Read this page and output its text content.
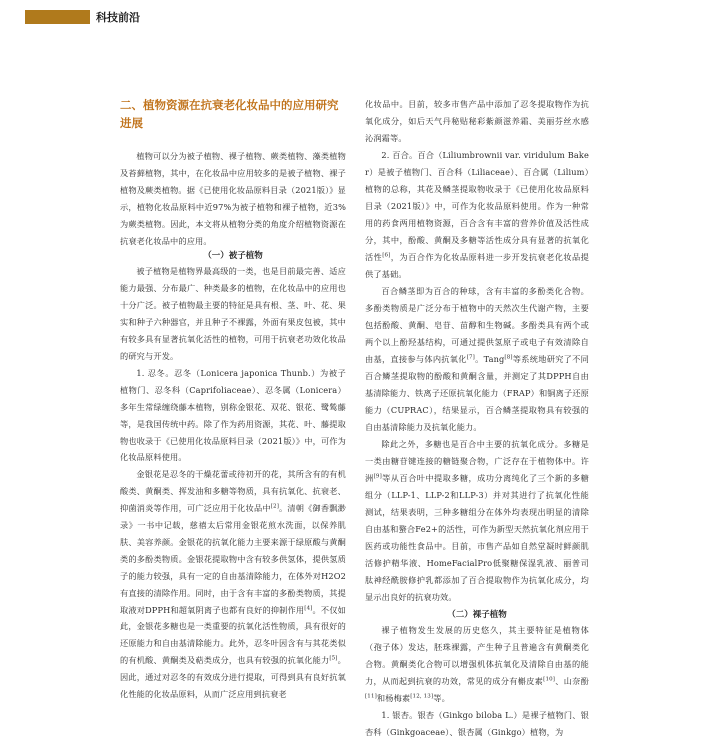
科技前沿
二、植物资源在抗衰老化妆品中的应用研究进展

植物可以分为被子植物、裸子植物、蕨类植物、藻类植物及苔藓植物，其中，在化妆品中应用较多的是被子植物、裸子植物及蕨类植物。据《已使用化妆品原料目录（2021版）》显示，植物化妆品原料中近97%为被子植物和裸子植物，近3%为蕨类植物。因此，本文将从植物分类的角度介绍植物资源在抗衰老化妆品中的应用。

（一）被子植物

被子植物是植物界最高级的一类，也是目前最完善、适应能力最强、分布最广、种类最多的植物，在化妆品中的应用也十分广泛。被子植物最主要的特征是具有根、茎、叶、花、果实和种子六种器官，并且种子不裸露，外面有果皮包被，其中有较多具有显著抗氧化活性的植物，可用于抗衰老功效化妆品的研究与开发。

1. 忍冬。忍冬（Lonicera japonica Thunb.）为被子植物门、忍冬科（Caprifoliaceae）、忍冬属（Lonicera）多年生常绿缠绕藤本植物，别称金银花、双花、银花、鹭鸶藤等，是我国传统中药。除了作为药用资源，其花、叶、藤提取物也收录于《已使用化妆品原料目录（2021版）》中，可作为化妆品原料使用。

金银花是忍冬的干燥花蕾或待初开的花，其所含有的有机酸类、黄酮类、挥发油和多糖等物质，具有抗氧化、抗衰老、抑菌消炎等作用，可广泛应用于化妆品中[2]。清朝《御香飘渺录》一书中记载，慈禧太后常用金银花煎水洗面，以保养肌肤、美容养颜。金银花的抗氧化能力主要来源于绿原酸与黄酮类的多酚类物质。金银花提取物中含有较多供氢体，提供氢质子的能力较强，具有一定的自由基清除能力，在体外对H2O2有直接的清除作用。同时，由于含有丰富的多酚类物质，其提取液对DPPH和超氧阴离子也都有良好的抑制作用[4]。不仅如此，金银花多糖也是一类重要的抗氧化活性物质，具有很好的还原能力和自由基清除能力。此外，忍冬叶因含有与其花类似的有机酸、黄酮类及萜类成分，也具有较强的抗氧化能力[5]。因此，通过对忍冬的有效成分进行提取，可得到具有良好抗氧化性能的化妆品原料，从而广泛应用到抗衰老

化妆品中。目前，较多市售产品中添加了忍冬提取物作为抗氧化成分，如后天气丹秘贴秘彩紫颜滋养霜、美丽芬丝水感沁润霜等。

2. 百合。百合（Liliumbrownii var. viridulum Baker）是被子植物门、百合科（Liliaceae）、百合属（Lilium）植物的总称，其花及鳞茎提取物收录于《已使用化妆品原料目录（2021版）》中，可作为化妆品原料使用。作为一种常用的药食两用植物资源，百合含有丰富的营养价值及活性成分，其中，酚酸、黄酮及多糖等活性成分具有显著的抗氧化活性[6]，为百合作为化妆品原料进一步开发抗衰老化妆品提供了基础。

百合鳞茎即为百合的种球，含有丰富的多酚类化合物。多酚类物质是广泛分布于植物中的天然次生代谢产物，主要包括酚酸、黄酮、皂苷、苗醇和生物碱。多酚类具有两个或两个以上酚羟基结构，可通过提供氢原子或电子有效清除自由基，直接参与体内抗氧化[7]。Tang[8]等系统地研究了不同百合鳞茎提取物的酚酸和黄酮含量，并测定了其DPPH自由基清除能力、铁离子还原抗氧化能力（FRAP）和铜离子还原能力（CUPRAC），结果显示，百合鳞茎提取物具有较强的自由基清除能力及抗氧化能力。

除此之外，多糖也是百合中主要的抗氧化成分。多糖是一类由糖苷键连接的糖链聚合物，广泛存在于植物体中。许洲[9]等从百合叶中提取多糖，成功分离纯化了三个新的多糖组分（LLP-1、LLP-2和LLP-3）并对其进行了抗氧化性能测试，结果表明，三种多糖组分在体外均表现出明显的清除自由基和螯合Fe2+的活性，可作为新型天然抗氧化剂应用于医药或功能性食品中。目前，市售产品如自然堂凝时鲜颜肌活修护精华液、HomeFacialPro低聚糖保湿乳液、丽普司肽神经酰胺修护乳都添加了百合提取物作为抗氧化成分，均显示出良好的抗衰功效。

（二）裸子植物

裸子植物发生发展的历史悠久，其主要特征是植物体（孢子体）发达，胚珠裸露，产生种子且普遍含有黄酮类化合物。黄酮类化合物可以增强机体抗氧化及清除自由基的能力，从而起到抗衰的功效，常见的成分有槲皮素[10]、山奈酚[11]和杨梅素[12, 13]等。

1. 银杏。银杏（Ginkgo biloba L.）是裸子植物门、银杏科（Ginkgoaceae）、银杏属（Ginkgo）植物，为
